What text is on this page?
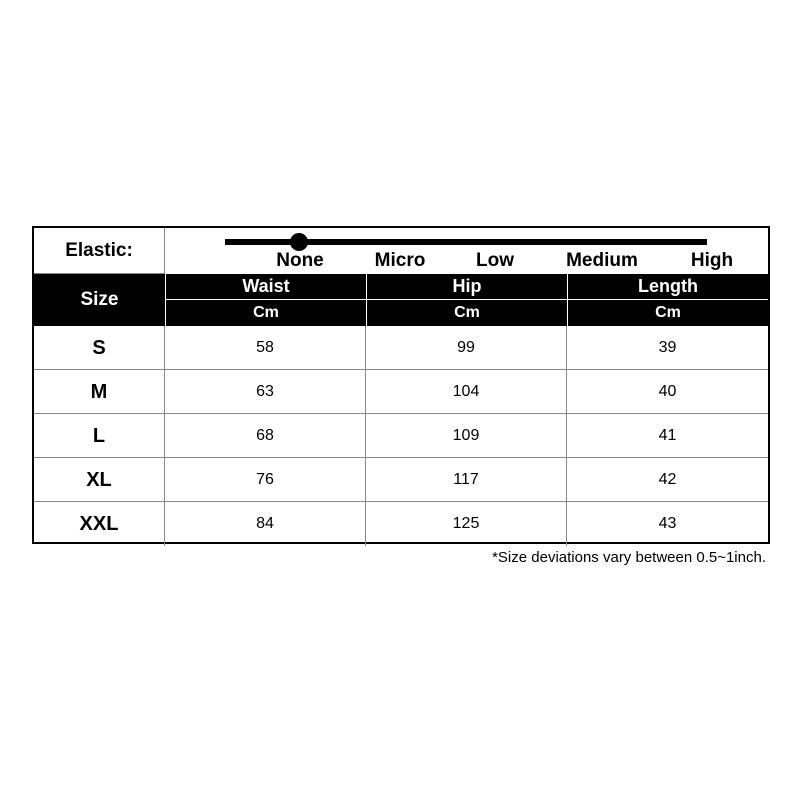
Elastic:	None	Micro	Low	Medium	High
Size
Waist	Hip	Length
Cm	Cm	Cm
S	58	99	39
M	63	104	40
L	68	109	41
XL	76	117	42
XXL	84	125	43
*Size deviations vary between 0.5~1inch.
